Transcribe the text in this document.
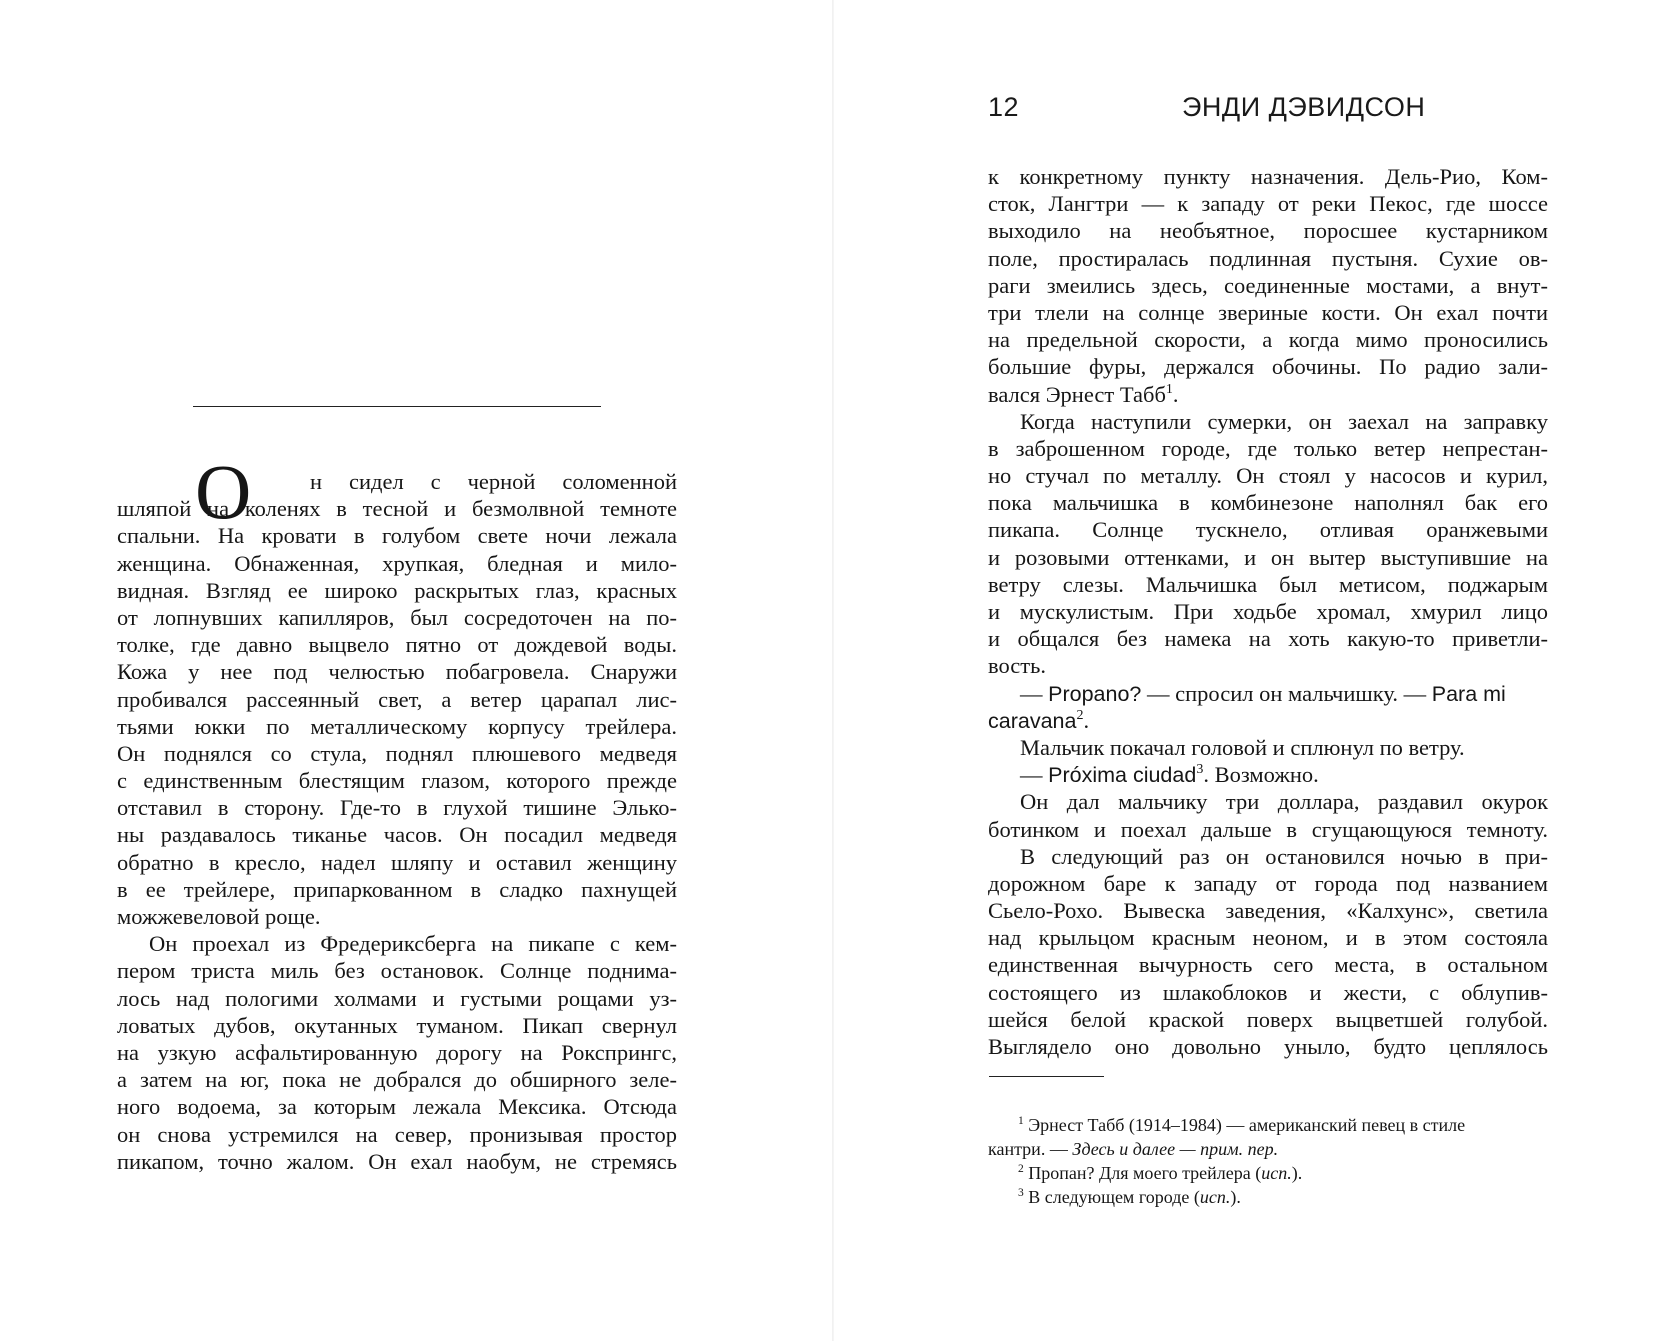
О	н сидел с черной соломенной
шляпой на коленях в тесной и безмолвной темноте
спальни. На кровати в голубом свете ночи лежала
женщина. Обнаженная, хрупкая, бледная и мило-
видная. Взгляд ее широко раскрытых глаз, красных
от лопнувших капилляров, был сосредоточен на по-
толке, где давно выцвело пятно от дождевой воды.
Кожа у нее под челюстью побагровела. Снаружи
пробивался рассеянный свет, а ветер царапал лис-
тьями юкки по металлическому корпусу трейлера.
Он поднялся со стула, поднял плюшевого медведя
с единственным блестящим глазом, которого прежде
отставил в сторону. Где-то в глухой тишине Элько-
ны раздавалось тиканье часов. Он посадил медведя
обратно в кресло, надел шляпу и оставил женщину
в ее трейлере, припаркованном в сладко пахнущей
можжевеловой роще.
Он проехал из Фредериксберга на пикапе с кем-
пером триста миль без остановок. Солнце поднима-
лось над пологими холмами и густыми рощами уз-
ловатых дубов, окутанных туманом. Пикап свернул
на узкую асфальтированную дорогу на Рокспрингс,
а затем на юг, пока не добрался до обширного зеле-
ного водоема, за которым лежала Мексика. Отсюда
он снова устремился на север, пронизывая простор
пикапом, точно жалом. Он ехал наобум, не стремясь
12	ЭНДИ ДЭВИДСОН
к конкретному пункту назначения. Дель-Рио, Ком-
сток, Лангтри — к западу от реки Пекос, где шоссе
выходило на необъятное, поросшее кустарником
поле, простиралась подлинная пустыня. Сухие ов-
раги змеились здесь, соединенные мостами, а внут-
три тлели на солнце звериные кости. Он ехал почти
на предельной скорости, а когда мимо проносились
большие фуры, держался обочины. По радио зали-
вался Эрнест Табб$^1$.
Когда наступили сумерки, он заехал на заправку
в заброшенном городе, где только ветер непрестан-
но стучал по металлу. Он стоял у насосов и курил,
пока мальчишка в комбинезоне наполнял бак его
пикапа. Солнце тускнело, отливая оранжевыми
и розовыми оттенками, и он вытер выступившие на
ветру слезы. Мальчишка был метисом, поджарым
и мускулистым. При ходьбе хромал, хмурил лицо
и общался без намека на хоть какую-то приветли-
вость.
— Propano? — спросил он мальчишку. — Para mi
caravana$^2$.
Мальчик покачал головой и сплюнул по ветру.
— Próxima ciudad$^3$. Возможно.
Он дал мальчику три доллара, раздавил окурок
ботинком и поехал дальше в сгущающуюся темноту.
В следующий раз он остановился ночью в при-
дорожном баре к западу от города под названием
Сьело-Рохо. Вывеска заведения, «Калхунс», светила
над крыльцом красным неоном, и в этом состояла
единственная вычурность сего места, в остальном
состоящего из шлакоблоков и жести, с облупив-
шейся белой краской поверх выцветшей голубой.
Выглядело оно довольно уныло, будто цеплялось
$^1$ Эрнест Табб (1914–1984) — американский певец в стиле
кантри. — Здесь и далее — прим. пер.
$^2$ Пропан? Для моего трейлера (исп.).
$^3$ В следующем городе (исп.).
